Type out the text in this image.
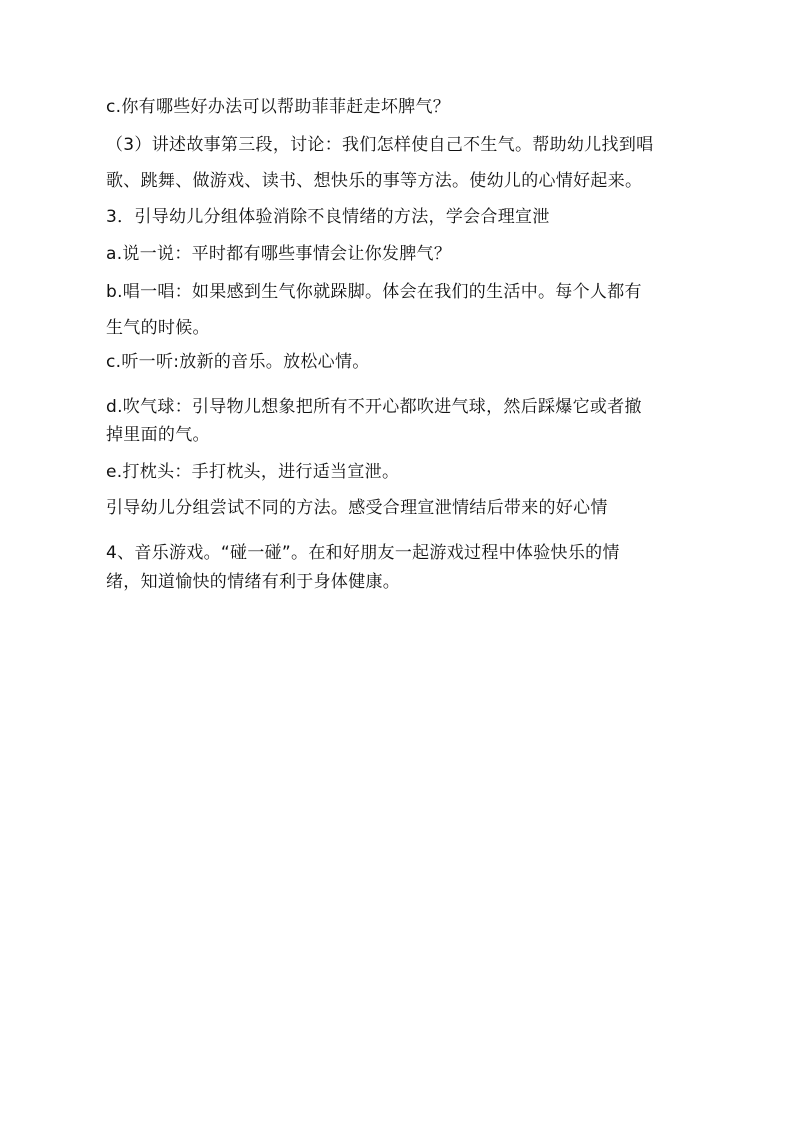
c.你有哪些好办法可以帮助菲菲赶走坏脾气？
（3）讲述故事第三段，讨论：我们怎样使自己不生气。帮助幼儿找到唱
歌、跳舞、做游戏、读书、想快乐的事等方法。使幼儿的心情好起来。
3．引导幼儿分组体验消除不良情绪的方法，学会合理宣泄
a.说一说：平时都有哪些事情会让你发脾气？
b.唱一唱：如果感到生气你就跺脚。体会在我们的生活中。每个人都有
生气的时候。
c.听一听:放新的音乐。放松心情。
d.吹气球：引导物儿想象把所有不开心都吹进气球，然后踩爆它或者撤
掉里面的气。
e.打枕头：手打枕头，进行适当宣泄。
引导幼儿分组尝试不同的方法。感受合理宣泄情结后带来的好心情
4、音乐游戏。“碰一碰”。在和好朋友一起游戏过程中体验快乐的情
绪，知道愉快的情绪有利于身体健康。
